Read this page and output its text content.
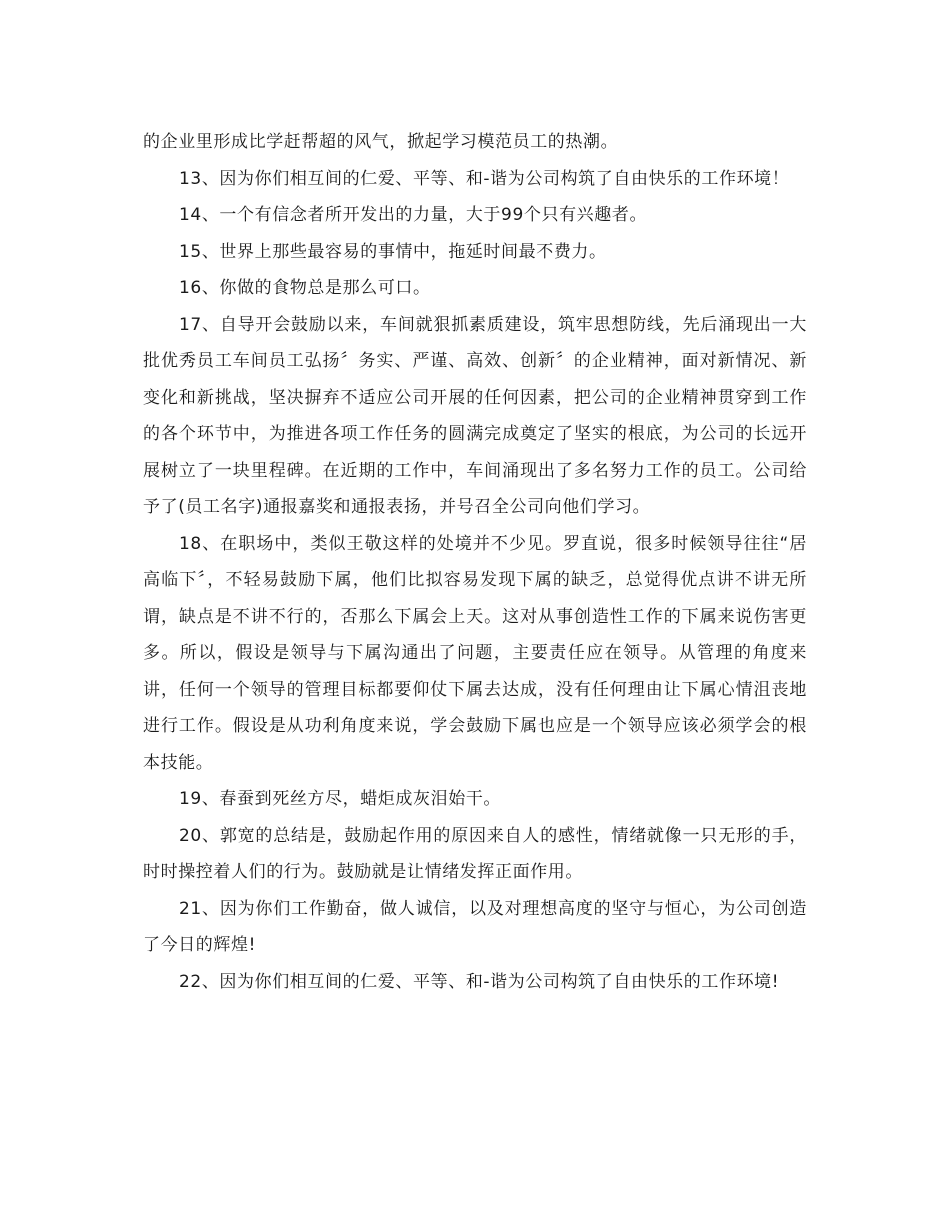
的企业里形成比学赶帮超的风气，掀起学习模范员工的热潮。

13、因为你们相互间的仁爱、平等、和-谐为公司构筑了自由快乐的工作环境！

14、一个有信念者所开发出的力量，大于99个只有兴趣者。

15、世界上那些最容易的事情中，拖延时间最不费力。

16、你做的食物总是那么可口。

17、自导开会鼓励以来，车间就狠抓素质建设，筑牢思想防线，先后涌现出一大批优秀员工车间员工弘扬〞务实、严谨、高效、创新〞的企业精神，面对新情况、新变化和新挑战，坚决摒弃不适应公司开展的任何因素，把公司的企业精神贯穿到工作的各个环节中，为推进各项工作任务的圆满完成奠定了坚实的根底，为公司的长远开展树立了一块里程碑。在近期的工作中，车间涌现出了多名努力工作的员工。公司给予了(员工名字)通报嘉奖和通报表扬，并号召全公司向他们学习。

18、在职场中，类似王敬这样的处境并不少见。罗直说，很多时候领导往往“居高临下〞，不轻易鼓励下属，他们比拟容易发现下属的缺乏，总觉得优点讲不讲无所谓，缺点是不讲不行的，否那么下属会上天。这对从事创造性工作的下属来说伤害更多。所以，假设是领导与下属沟通出了问题，主要责任应在领导。从管理的角度来讲，任何一个领导的管理目标都要仰仗下属去达成，没有任何理由让下属心情沮丧地进行工作。假设是从功利角度来说，学会鼓励下属也应是一个领导应该必须学会的根本技能。

19、春蚕到死丝方尽，蜡炬成灰泪始干。

20、郭宽的总结是，鼓励起作用的原因来自人的感性，情绪就像一只无形的手，时时操控着人们的行为。鼓励就是让情绪发挥正面作用。

21、因为你们工作勤奋，做人诚信，以及对理想高度的坚守与恒心，为公司创造了今日的辉煌!

22、因为你们相互间的仁爱、平等、和-谐为公司构筑了自由快乐的工作环境!
